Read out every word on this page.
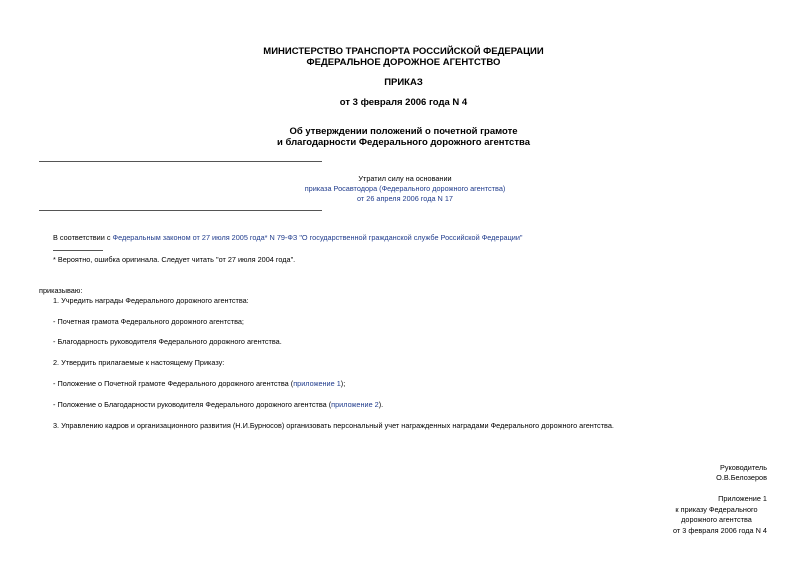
МИНИСТЕРСТВО ТРАНСПОРТА РОССИЙСКОЙ ФЕДЕРАЦИИ
ФЕДЕРАЛЬНОЕ ДОРОЖНОЕ АГЕНТСТВО
ПРИКАЗ
от 3 февраля 2006 года N 4
Об утверждении положений о почетной грамоте
и благодарности Федерального дорожного агентства
Утратил силу на основании
приказа Росавтодора (Федерального дорожного агентства)
от 26 апреля 2006 года N 17
В соответствии с Федеральным законом от 27 июля 2005 года* N 79-ФЗ "О государственной гражданской службе Российской Федерации"
* Вероятно, ошибка оригинала. Следует читать "от 27 июля 2004 года".
приказываю:
1. Учредить награды Федерального дорожного агентства:
- Почетная грамота Федерального дорожного агентства;
- Благодарность руководителя Федерального дорожного агентства.
2. Утвердить прилагаемые к настоящему Приказу:
- Положение о Почетной грамоте Федерального дорожного агентства (приложение 1);
- Положение о Благодарности руководителя Федерального дорожного агентства (приложение 2).
3. Управлению кадров и организационного развития (Н.И.Бурносов) организовать персональный учет награжденных наградами Федерального дорожного агентства.
Руководитель
О.В.Белозеров
Приложение 1
к приказу Федерального
дорожного агентства
от 3 февраля 2006 года N 4
